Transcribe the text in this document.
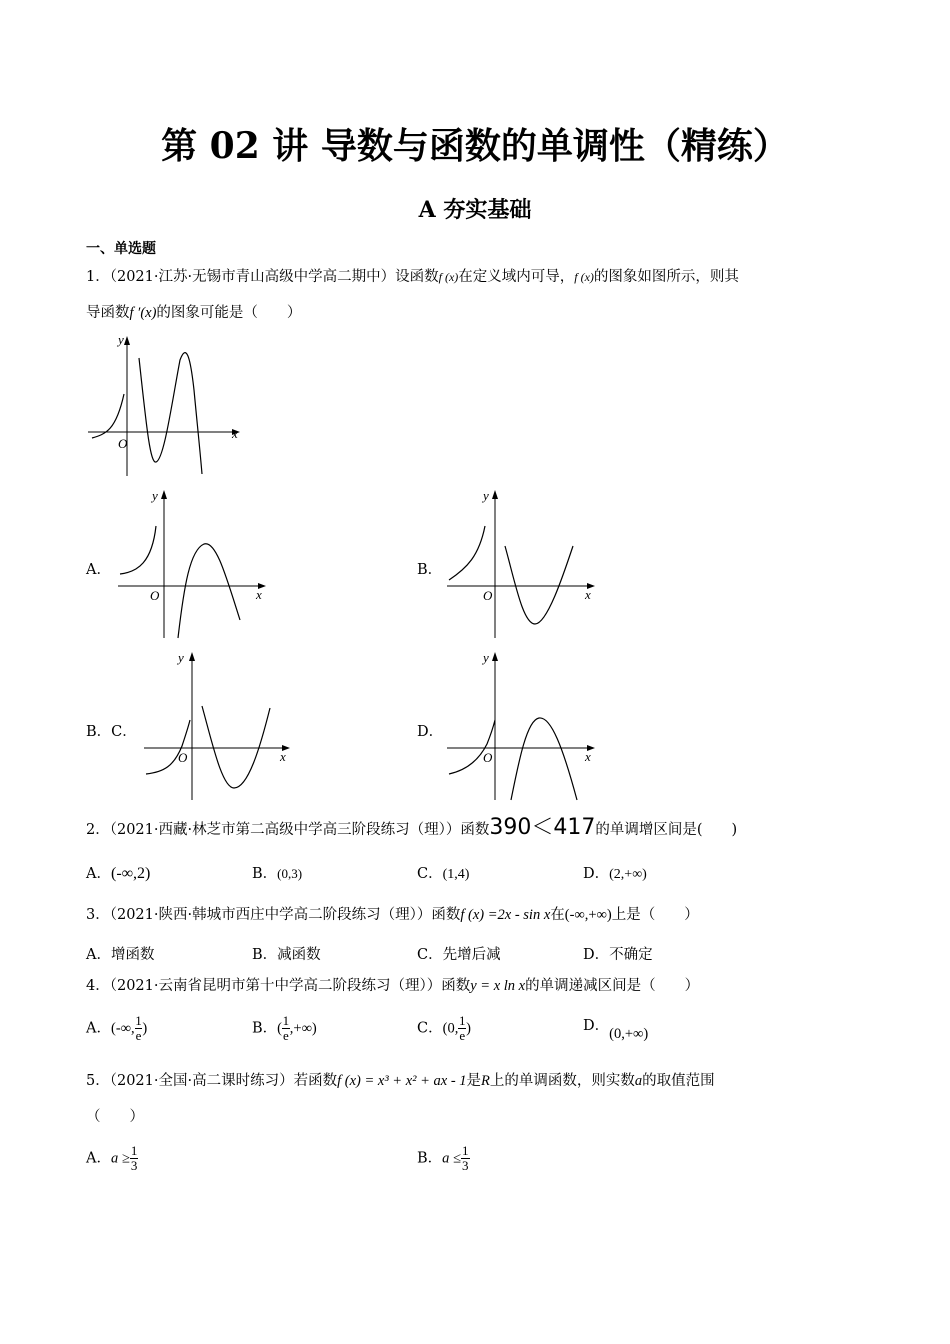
第 02 讲 导数与函数的单调性（精练）
A 夯实基础
一、单选题
1．（2021·江苏·无锡市青山高级中学高二期中）设函数f (x)在定义域内可导，f (x)的图象如图所示，则其
导函数f ′(x)的图象可能是（　　）
y
x
O
A．	B．
B．C．	D．
y
x
O
y
x
O
y
x
O
y
x
O
2．（2021·西藏·林芝市第二高级中学高三阶段练习（理））函数390＜417的单调增区间是(　　)
A．(-∞,2)	B．(0,3)	C．(1,4)	D．(2,+∞)
3．（2021·陕西·韩城市西庄中学高二阶段练习（理））函数f (x) =2x - sin x在(-∞,+∞)上是（　　）
A．增函数	B．减函数	C．先增后减	D．不确定
4．（2021·云南省昆明市第十中学高二阶段练习（理））函数y = x ln x的单调递减区间是（　　）
A．(-∞, $\frac{1}{e}$ )	B．( $\frac{1}{e}$ ,+∞)	C．(0, $\frac{1}{e}$ )	D．(0,+∞)
5．（2021·全国·高二课时练习）若函数f (x) = x³ + x² + ax - 1是R上的单调函数，则实数a的取值范围
（　　）
A．$a \ge \frac{1}{3}$	B．$a \le \frac{1}{3}$
